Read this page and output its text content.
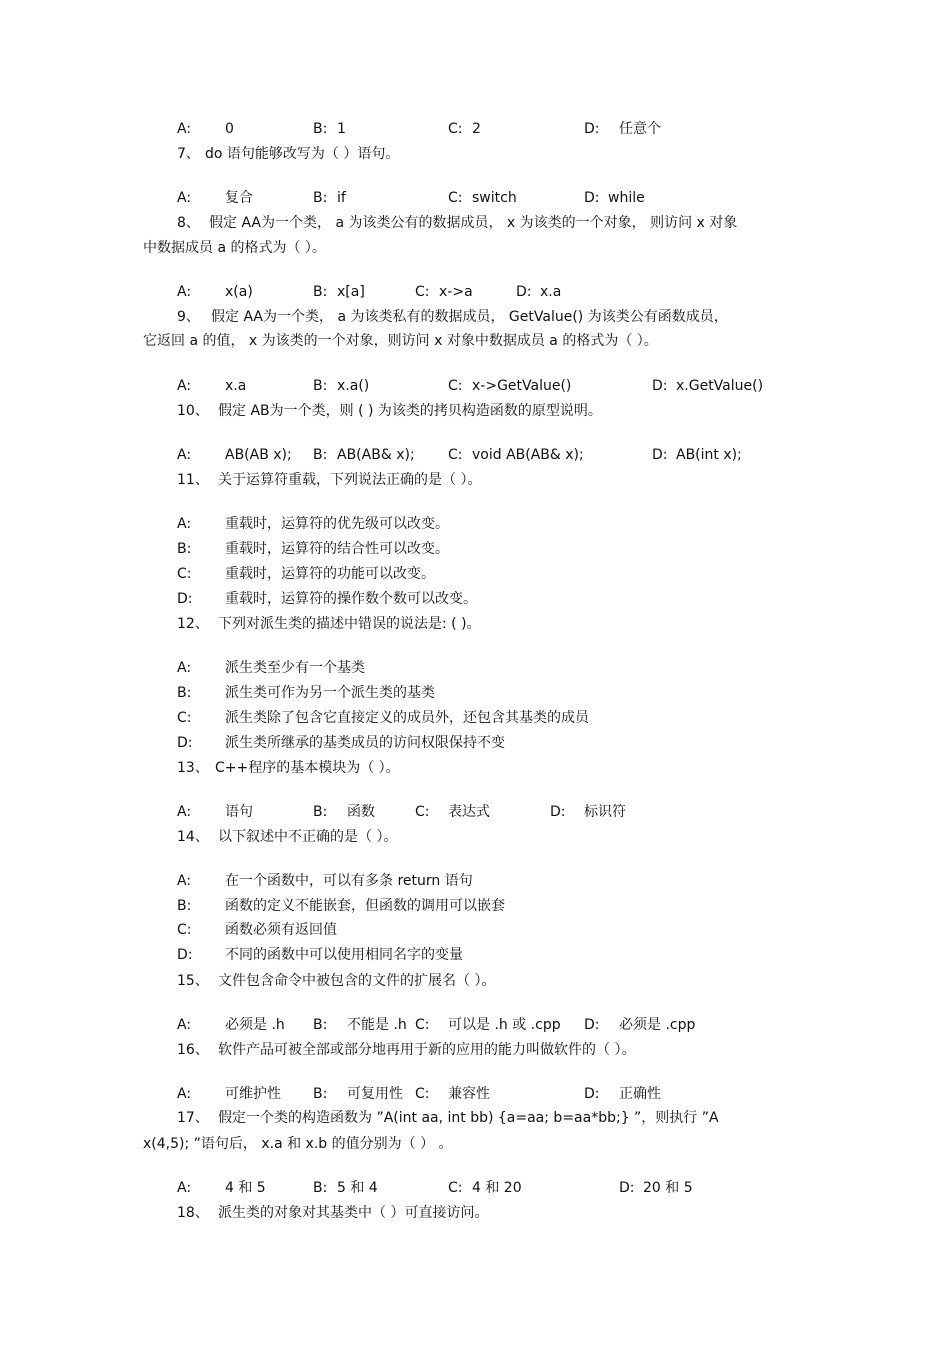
A: 0	B: 1	C: 2	D: 任意个
7、 do 语句能够改写为（ ）语句。
A: 复合	B: if	C: switch	D: while
8、 假定 AA为一个类， a 为该类公有的数据成员， x 为该类的一个对象， 则访问 x 对象
中数据成员 a 的格式为（ ）。
A: x(a)	B: x[a]	C: x->a	D: x.a
9、 假定 AA为一个类， a 为该类私有的数据成员， GetValue() 为该类公有函数成员，
它返回 a 的值， x 为该类的一个对象，则访问 x 对象中数据成员 a 的格式为（ ）。
A: x.a	B: x.a()	C: x->GetValue()	D: x.GetValue()
10、 假定 AB为一个类，则 ( ) 为该类的拷贝构造函数的原型说明。
A: AB(AB x); B: AB(AB& x); C: void AB(AB& x);	D: AB(int x);
11、 关于运算符重载，下列说法正确的是（ ）。
A: 重载时，运算符的优先级可以改变。
B: 重载时，运算符的结合性可以改变。
C: 重载时，运算符的功能可以改变。
D: 重载时，运算符的操作数个数可以改变。
12、 下列对派生类的描述中错误的说法是: ( )。
A: 派生类至少有一个基类
B: 派生类可作为另一个派生类的基类
C: 派生类除了包含它直接定义的成员外，还包含其基类的成员
D: 派生类所继承的基类成员的访问权限保持不变
13、 C++程序的基本模块为（ ）。
A: 语句	B: 函数	C: 表达式	D: 标识符
14、 以下叙述中不正确的是（ ）。
A: 在一个函数中，可以有多条 return 语句
B: 函数的定义不能嵌套，但函数的调用可以嵌套
C: 函数必须有返回值
D: 不同的函数中可以使用相同名字的变量
15、 文件包含命令中被包含的文件的扩展名（ ）。
A: 必须是 .h B: 不能是 .h C: 可以是 .h 或 .cpp D: 必须是 .cpp
16、 软件产品可被全部或部分地再用于新的应用的能力叫做软件的（ ）。
A: 可维护性 B: 可复用性 C: 兼容性	D: 正确性
17、 假定一个类的构造函数为 ”A(int aa, int bb) {a=aa; b=aa*bb;} ”，则执行 ”A
x(4,5); ”语句后， x.a 和 x.b 的值分别为（ ） 。
A: 4 和 5	B: 5 和 4	C: 4 和 20	D: 20 和 5
18、 派生类的对象对其基类中（ ）可直接访问。
